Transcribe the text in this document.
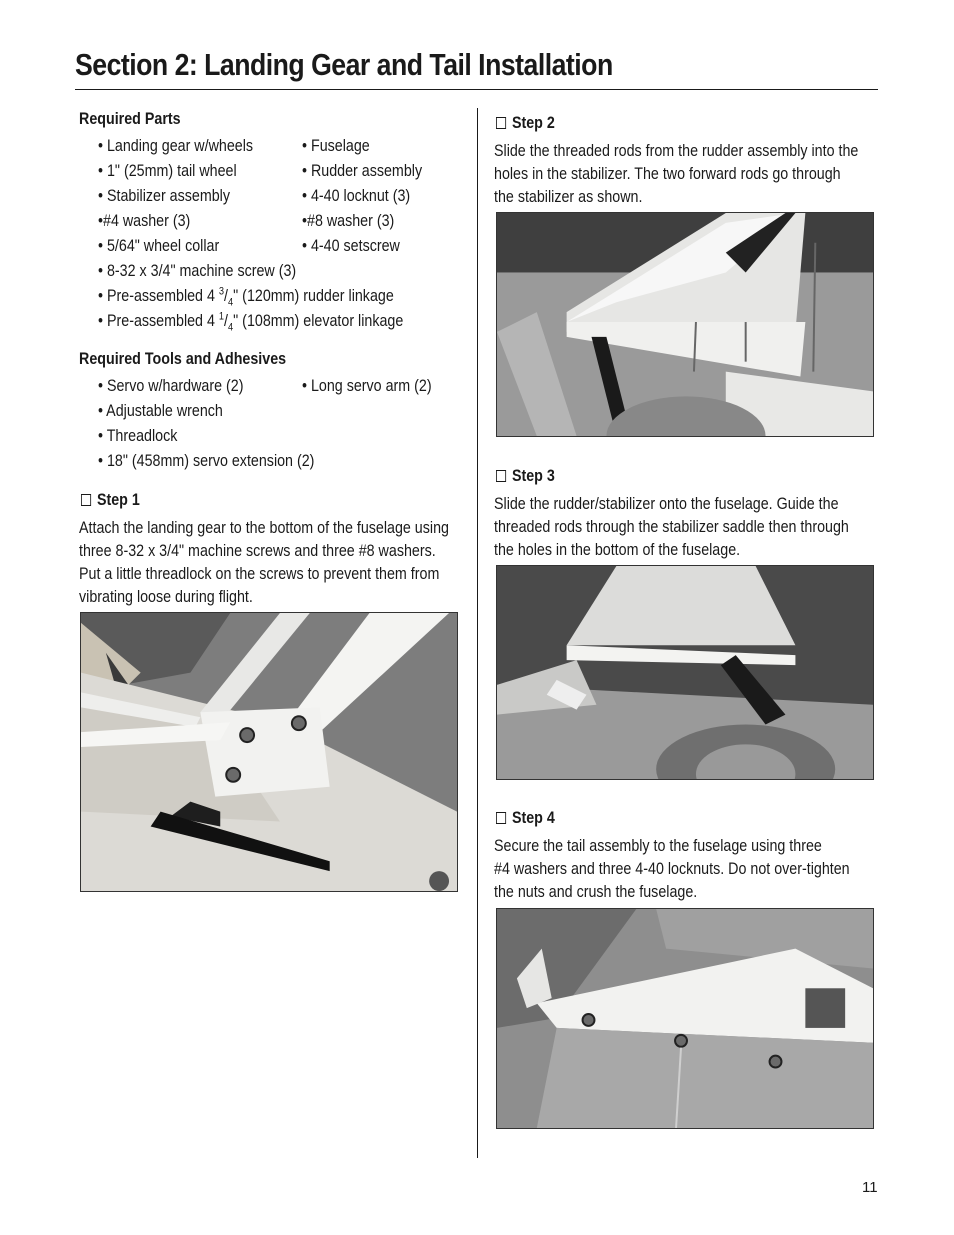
Section 2: Landing Gear and Tail Installation
Required Parts
• Landing gear w/wheels
• 1" (25mm) tail wheel
• Stabilizer assembly
•#4 washer (3)
• 5/64" wheel collar
• 8-32 x 3/4" machine screw (3)
• Fuselage
• Rudder assembly
• 4-40 locknut (3)
•#8 washer (3)
• 4-40 setscrew
• Pre-assembled 4 $^3/_4$" (120mm) rudder linkage
• Pre-assembled 4 $^1/_4$" (108mm) elevator linkage
Required Tools and Adhesives
• Servo w/hardware (2)
• Adjustable wrench
• Threadlock
• 18" (458mm) servo extension (2)
• Long servo arm (2)
Step 1
Attach the landing gear to the bottom of the fuselage using
three 8-32 x 3/4" machine screws and three #8 washers.
Put a little threadlock on the screws to prevent them from
vibrating loose during flight.
Step 2
Slide the threaded rods from the rudder assembly into the
holes in the stabilizer. The two forward rods go through
the stabilizer as shown.
Step 3
Slide the rudder/stabilizer onto the fuselage. Guide the
threaded rods through the stabilizer saddle then through
the holes in the bottom of the fuselage.
Step 4
Secure the tail assembly to the fuselage using three
#4 washers and three 4-40 locknuts. Do not over-tighten
the nuts and crush the fuselage.
11
